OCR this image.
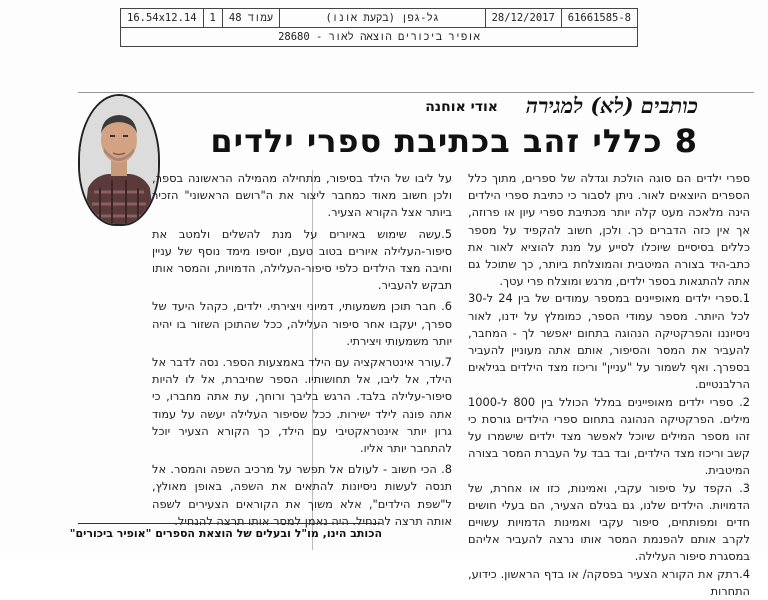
61661585-8
28/12/2017
גל-גפן (בקעת אונו)
עמוד 48
1
16.54x12.14
אופיר ביכורים הוצאה לאור - 28680
כותבים (לא) למגירה
אודי אוחנה
8 כללי זהב בכתיבת ספרי ילדים

ספרי ילדים הם סוגה הולכת וגדלה של ספרים, מתוך כלל הספרים היוצאים לאור. ניתן לסבור כי כתיבת ספרי הילדים הינה מלאכה מעט קלה יותר מכתיבת ספרי עיון או פרוזה, אך אין כזה הדברים כך. ולכן, חשוב להקפיד על מספר כללים בסיסיים שיוכלו לסייע על מנת להוציא לאור את כתב-היד בצורה המיטבית והמוצלחת ביותר, כך שתוכל גם אתה להתגאות בספר ילדים, מרגש ומוצלח פרי עטך.

1.ספרי ילדים מאופיינים במספר עמודים של בין 24 ל-30 לכל היותר. מספר עמודי הספר, כמומלץ על ידנו, לאור ניסיוננו והפרקטיקה הנהוגה בתחום יאפשר לך - המחבר, להעביר את המסר והסיפור, אותם אתה מעוניין להעביר בספרך. ואף לשמור על "עניין" וריכוז מצד הילדים בגילאים הרלבנטיים.

2. ספרי ילדים מאופיינים במלל הכולל בין 800 ל-1000 מילים. הפרקטיקה הנהוגה בתחום ספרי הילדים גורסת כי זהו מספר המילים שיוכל לאפשר מצד ילדים שישמרו על קשב וריכוז מצד הילדים, ובד בבד על העברת המסר בצורה המיטבית.

3. הקפד על סיפור עקבי, ואמינות, כזו או אחרת, של הדמויות. הילדים שלנו, גם בגילם הצעיר, הם בעלי חושים חדים ומפותחים, סיפור עקבי ואמינות הדמויות עשויים לקרב אותם להפנמת המסר אותו נרצה להעביר אליהם במסגרת סיפור העלילה.

4.רתק את הקורא הצעיר בפסקה/ או בדף הראשון. כידוע, התחרות

על ליבו של הילד בסיפור, מתחילה מהמילה הראשונה בספר, ולכן חשוב מאוד כמחבר ליצור את ה"רושם הראשוני" הזכיר ביותר אצל הקורא הצעיר.

5.עשה שימוש באיורים על מנת להשלים ולמטב את סיפור-העלילה איורים בטוב טעם, יוסיפו מימד נוסף של עניין וחיבה מצד הילדים כלפי סיפור-העלילה, הדמויות, והמסר אותו תבקש להעביר.

6. חבר תוכן משמעותי, דמיוני ויצירתי. ילדים, כקהל היעד של ספרך, יעקבו אחר סיפור העלילה, ככל שהתוכן השזור בו יהיה יותר משמעותי ויצירתי.

7.עורר אינטראקציה עם הילד באמצעות הספר. נסה לדבר אל הילד, אל ליבו, אל תחושותיו. הספר שחיברת, אל לו להיות סיפור-עלילה בלבד. הרגש בליבך ורוחך, עת אתה מחברו, כי אתה פונה לילד ישירות. ככל שסיפור העלילה יעשה על עמוד גרון יותר אינטראקטיבי עם הילד, כך הקורא הצעיר יוכל להתחבר יותר אליו.

8. הכי חשוב - לעולם אל תפשר על מרכיב השפה והמסר. אל תנסה לעשות ניסיונות להתאים את השפה, באופן מאולץ, ל"שפת הילדים", אלא משוך את הקוראים הצעירים לשפה אותה תרצה להנחיל. היה נאמן למסר אותו תרצה להנחיל.

הכותב הינו, מו"ל ובעלים של הוצאת הספרים "אופיר ביכורים"
